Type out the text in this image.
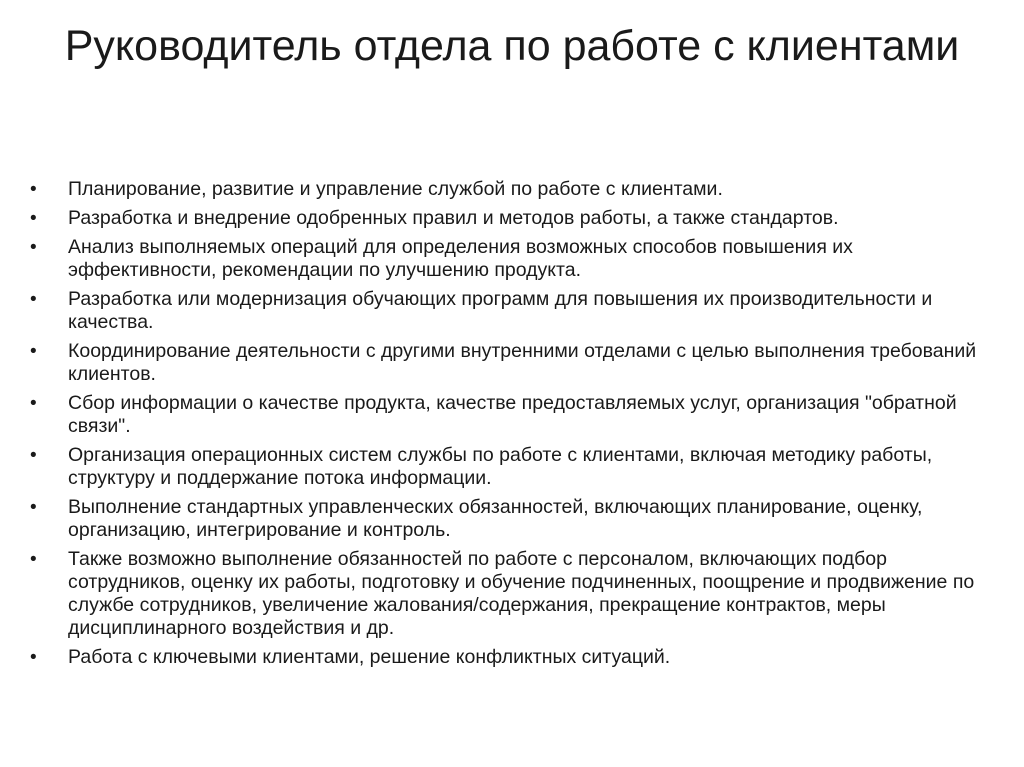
Руководитель отдела по работе с клиентами
•	Планирование, развитие и управление службой по работе с клиентами.
•	Разработка и внедрение одобренных правил и методов работы, а также стандартов.
•	Анализ выполняемых операций для определения возможных способов повышения их эффективности, рекомендации по улучшению продукта.
•	Разработка или модернизация обучающих программ для повышения их производительности и качества.
•	Координирование деятельности с другими внутренними отделами с целью выполнения требований клиентов.
•	Сбор информации о качестве продукта, качестве предоставляемых услуг, организация "обратной связи".
•	Организация операционных систем службы по работе с клиентами, включая методику работы, структуру и поддержание потока информации.
•	Выполнение стандартных управленческих обязанностей, включающих планирование, оценку, организацию, интегрирование и контроль.
•	Также возможно выполнение обязанностей по работе с персоналом, включающих подбор сотрудников, оценку их работы, подготовку и обучение подчиненных, поощрение и продвижение по службе сотрудников, увеличение жалования/содержания, прекращение контрактов, меры дисциплинарного воздействия и др.
•	Работа с ключевыми клиентами, решение конфликтных ситуаций.
